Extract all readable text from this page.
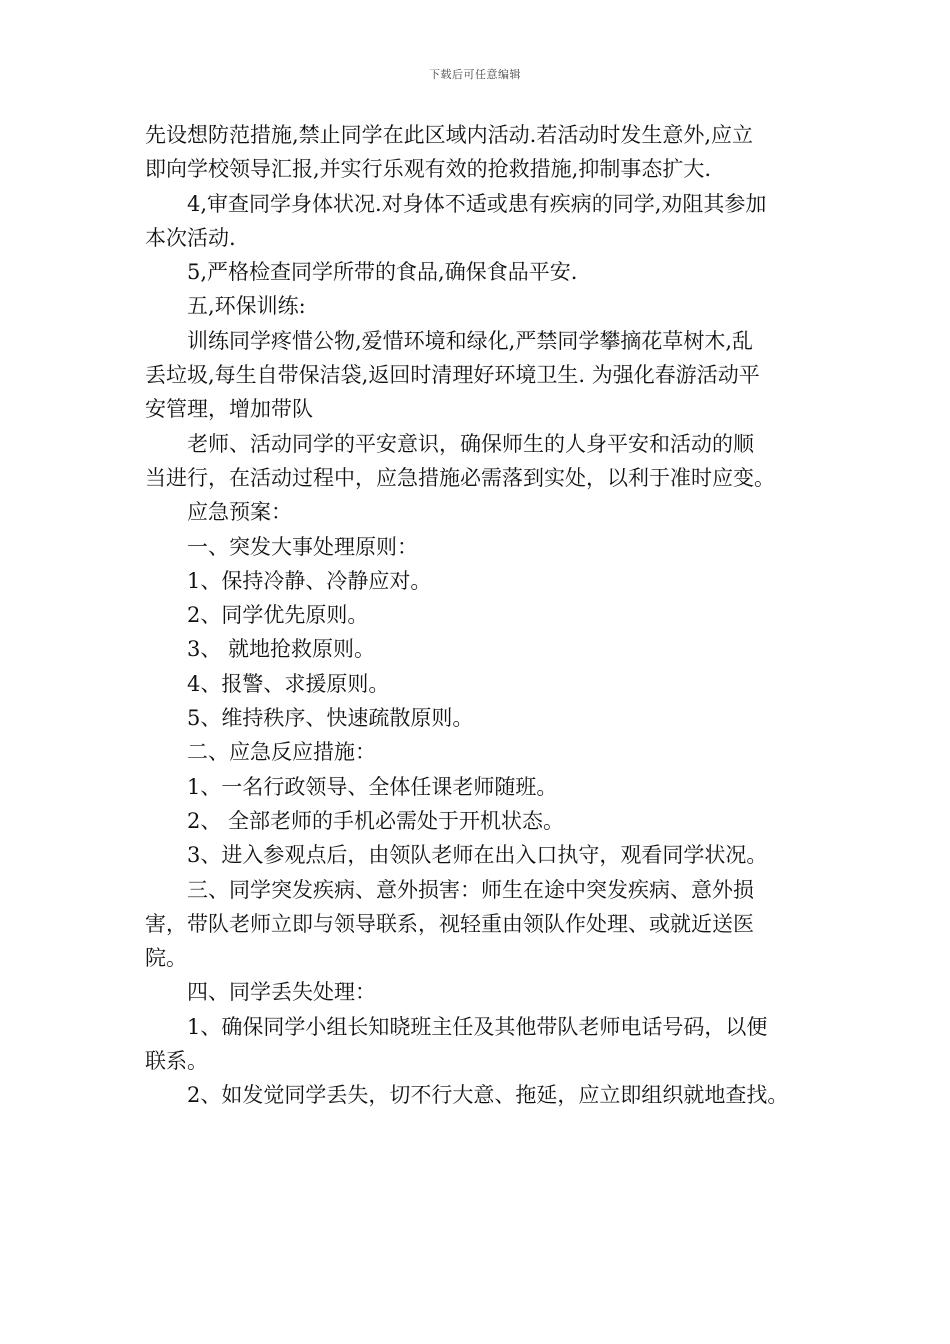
下载后可任意编辑

先设想防范措施,禁止同学在此区域内活动.若活动时发生意外,应立

即向学校领导汇报,并实行乐观有效的抢救措施,抑制事态扩大.

4,审查同学身体状况.对身体不适或患有疾病的同学,劝阻其参加

本次活动.

5,严格检查同学所带的食品,确保食品平安.

五,环保训练:

训练同学疼惜公物,爱惜环境和绿化,严禁同学攀摘花草树木,乱

丢垃圾,每生自带保洁袋,返回时清理好环境卫生. 为强化春游活动平

安管理，增加带队

老师、活动同学的平安意识，确保师生的人身平安和活动的顺

当进行，在活动过程中，应急措施必需落到实处，以利于准时应变。

应急预案：

一、突发大事处理原则：

1、保持冷静、冷静应对。

2、同学优先原则。

3、 就地抢救原则。

4、报警、求援原则。

5、维持秩序、快速疏散原则。

二、应急反应措施：

1、一名行政领导、全体任课老师随班。

2、 全部老师的手机必需处于开机状态。

3、进入参观点后，由领队老师在出入口执守，观看同学状况。

三、同学突发疾病、意外损害：师生在途中突发疾病、意外损

害，带队老师立即与领导联系，视轻重由领队作处理、或就近送医

院。

四、同学丢失处理：

1、确保同学小组长知晓班主任及其他带队老师电话号码，以便

联系。

2、如发觉同学丢失，切不行大意、拖延，应立即组织就地查找。
